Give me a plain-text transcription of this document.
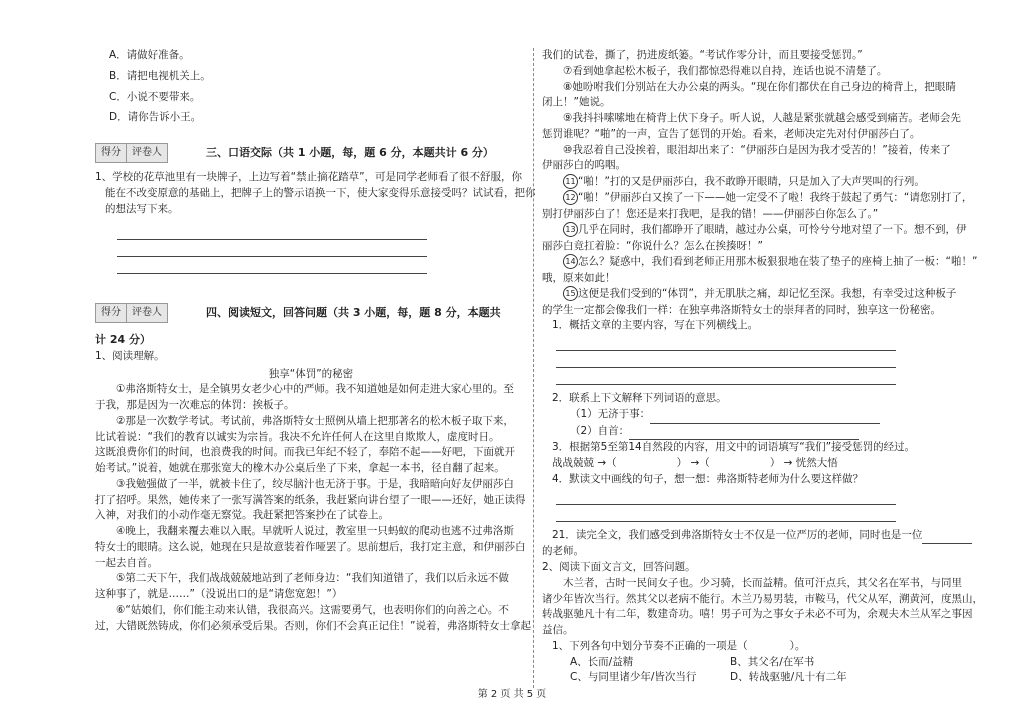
A．请做好准备。

B．请把电视机关上。

C．小说不要带来。

D．请你告诉小王。

得分	评卷人	三、口语交际（共 1 小题，每，题 6 分，本题共计 6 分）

1、学校的花草池里有一块牌子，上边写着“禁止摘花踏草”，可是同学老师看了很不舒服，你

能在不改变原意的基础上，把牌子上的警示语换一下，使大家变得乐意接受吗？试试看，把你

的想法写下来。

得分	评卷人	四、阅读短文，回答问题（共 3 小题，每，题 8 分，本题共

计 24 分）

1、阅读理解。

独享“体罚”的秘密

①弗洛斯特女士，是全镇男女老少心中的严师。我不知道她是如何走进大家心里的。至

于我，那是因为一次难忘的体罚：挨板子。

②那是一次数学考试。考试前，弗洛斯特女士照例从墙上把那著名的松木板子取下来，

比试着说：“我们的教育以诚实为宗旨。我决不允许任何人在这里自欺欺人，虚度时日。

这既浪费你们的时间，也浪费我的时间。而我已年纪不轻了，奉陪不起——好吧，下面就开

始考试。”说着，她就在那张宽大的橡木办公桌后坐了下来，拿起一本书，径自翻了起来。

③我勉强做了一半，就被卡住了，绞尽脑汁也无济于事。于是，我暗暗向好友伊丽莎白

打了招呼。果然，她传来了一张写满答案的纸条，我赶紧向讲台望了一眼——还好，她正读得

入神，对我们的小动作毫无察觉。我赶紧把答案抄在了试卷上。

④晚上，我翻来覆去难以入眠。早就听人说过，教室里一只蚂蚁的爬动也逃不过弗洛斯

特女士的眼睛。这么说，她现在只是故意装着作哑罢了。思前想后，我打定主意，和伊丽莎白

一起去自首。

⑤第二天下午，我们战战兢兢地站到了老师身边：“我们知道错了，我们以后永远不做

这种事了，就是……”（没说出口的是“请您宽恕！”）

⑥“姑娘们，你们能主动来认错，我很高兴。这需要勇气，也表明你们的向善之心。不

过，大错既然铸成，你们必须承受后果。否则，你们不会真正记住！”说着，弗洛斯特女士拿起

我们的试卷，撕了，扔进废纸篓。“考试作零分计，而且要接受惩罚。”

⑦看到她拿起松木板子，我们都惊恐得难以自持，连话也说不清楚了。

⑧她吩咐我们分别站在大办公桌的两头。“现在你们都伏在自己身边的椅背上，把眼睛

闭上！”她说。

⑨我抖抖嗦嗦地在椅背上伏下身子。听人说，人越是紧张就越会感受到痛苦。老师会先

惩罚谁呢？“啪”的一声，宣告了惩罚的开始。看来，老师决定先对付伊丽莎白了。

⑩我忍着自己没挨着，眼泪却出来了：“伊丽莎白是因为我才受苦的！”接着，传来了

伊丽莎白的呜咽。

11 “啪！”打的又是伊丽莎白，我不敢睁开眼睛，只是加入了大声哭叫的行列。

12 “啪！”伊丽莎白又挨了一下——她一定受不了啦！我终于鼓起了勇气：“请您别打了，

别打伊丽莎白了！您还是来打我吧，是我的错！——伊丽莎白你怎么了。”

13 几乎在同时，我们都睁开了眼睛，越过办公桌，可怜兮兮地对望了一下。想不到，伊

丽莎白竟扛着脸：“你说什么？怎么在挨揍呀！”

14 怎么？疑惑中，我们看到老师正用那木板狠狠地在装了垫子的座椅上抽了一板：“啪！”

哦，原来如此！

15 这便是我们受到的“体罚”，并无肌肤之痛，却记忆至深。我想，有幸受过这种板子

的学生一定都会像我们一样：在独享弗洛斯特女士的崇拜者的同时，独享这一份秘密。

1．概括文章的主要内容，写在下列横线上。

2．联系上下文解释下列词语的意思。

（1）无济于事：

（2）自首：

3．根据第5至第14自然段的内容，用文中的词语填写“我们”接受惩罚的经过。

战战兢兢 →（	） →（	） → 恍然大悟

4．默读文中画线的句子，想一想：弗洛斯特老师为什么要这样做？

21．读完全文，我们感受到弗洛斯特女士不仅是一位严厉的老师，同时也是一位

的老师。

2、阅读下面文言文，回答问题。

木兰者，古时一民间女子也。少习骑，长而益精。值可汗点兵，其父名在军书，与同里

诸少年皆次当行。然其父以老病不能行。木兰乃易男装，市鞍马，代父从军，溯黄河，度黑山，

转战驱驰凡十有二年，数建奇功。嘻！男子可为之事女子未必不可为，余观夫木兰从军之事因

益信。

1、下列各句中划分节奏不正确的一项是（　　　　）。

A、长而/益精	B、其父名/在军书
C、与同里诸少年/皆次当行	D、转战驱驰/凡十有二年
第 2 页 共 5 页
